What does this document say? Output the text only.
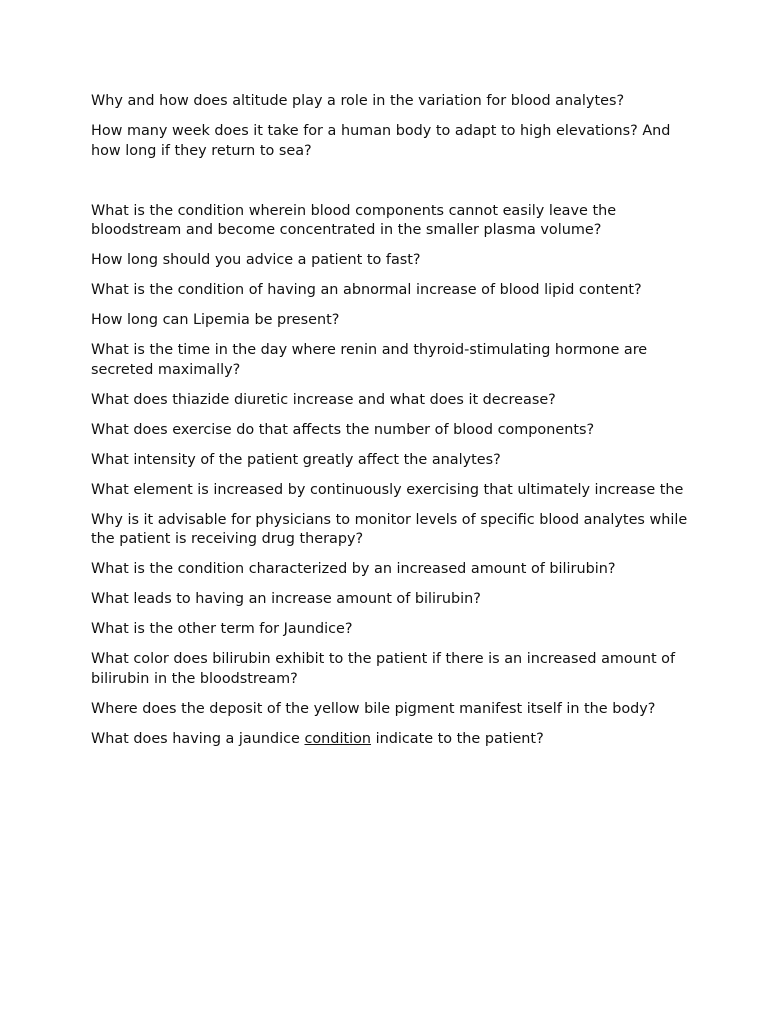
Why and how does altitude play a role in the variation for blood analytes?

How many week does it take for a human body to adapt to high elevations? And how long if they return to sea?

What is the condition wherein blood components cannot easily leave the bloodstream and become concentrated in the smaller plasma volume?

How long should you advice a patient to fast?

What is the condition of having an abnormal increase of blood lipid content?

How long can Lipemia be present?

What is the time in the day where renin and thyroid-stimulating hormone are secreted maximally?

What does thiazide diuretic increase and what does it decrease?

What does exercise do that affects the number of blood components?

What intensity of the patient greatly affect the analytes?

What element is increased by continuously exercising that ultimately increase the

Why is it advisable for physicians to monitor levels of specific blood analytes while the patient is receiving drug therapy?

What is the condition characterized by an increased amount of bilirubin?

What leads to having an increase amount of bilirubin?

What is the other term for Jaundice?

What color does bilirubin exhibit to the patient if there is an increased amount of bilirubin in the bloodstream?

Where does the deposit of the yellow bile pigment manifest itself in the body?

What does having a jaundice condition indicate to the patient?
